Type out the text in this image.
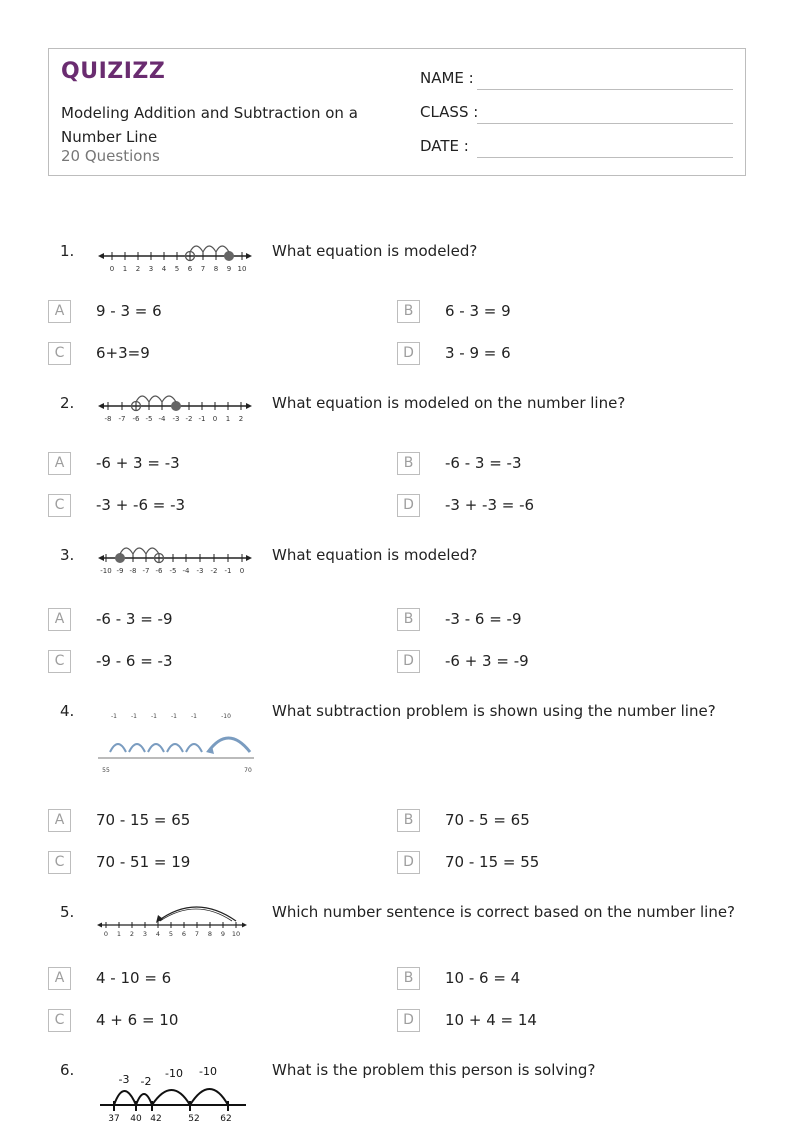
QUIZIZZ
Modeling Addition and Subtraction on a Number Line
20 Questions
NAME :
CLASS :
DATE :
1.
0 1 2 3 4 5 6 7 8 9 10
What equation is modeled?
A	9 - 3 = 6	B	6 - 3 = 9
C	6+3=9	D	3 - 9 = 6
2.
-8 -7 -6 -5 -4 -3 -2 -1 0 1 2
What equation is modeled on the number line?
A	-6 + 3 = -3	B	-6 - 3 = -3
C	-3 + -6 = -3	D	-3 + -3 = -6
3.
-10 -9 -8 -7 -6 -5 -4 -3 -2 -1 0
What equation is modeled?
A	-6 - 3 = -9	B	-3 - 6 = -9
C	-9 - 6 = -3	D	-6 + 3 = -9
4.	-1 -1 -1 -1 -1	-10
55	70
What subtraction problem is shown using the number line?
A	70 - 15 = 65	B	70 - 5 = 65
C	70 - 51 = 19	D	70 - 15 = 55
5.
0 1 2 3 4 5 6 7 8 9 10
Which number sentence is correct based on the number line?
A	4 - 10 = 6	B	10 - 6 = 4
C	4 + 6 = 10	D	10 + 4 = 14
6.
-3 -2
-10 -10
37 40 42	52 62
What is the problem this person is solving?
